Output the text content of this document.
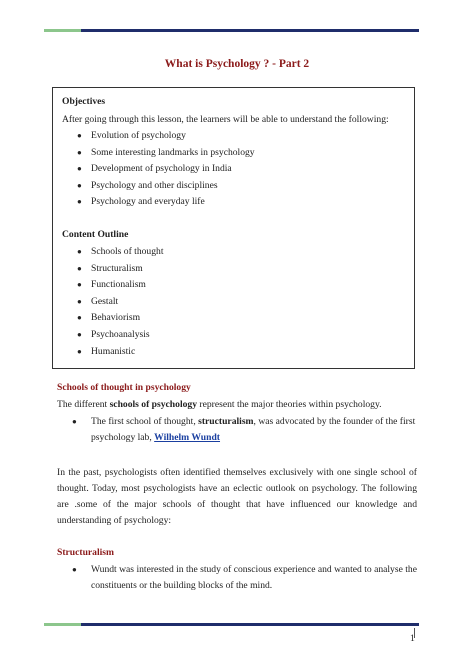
What is Psychology ? - Part 2
Objectives
After going through this lesson, the learners will be able to understand the following:
● Evolution of psychology
● Some interesting landmarks in psychology
● Development of psychology in India
● Psychology and other disciplines
● Psychology and everyday life
Content Outline
● Schools of thought
● Structuralism
● Functionalism
● Gestalt
● Behaviorism
● Psychoanalysis
● Humanistic
Schools of thought in psychology
The different schools of psychology represent the major theories within psychology.
● The first school of thought, structuralism, was advocated by the founder of the first
psychology lab, Wilhelm Wundt
In the past, psychologists often identified themselves exclusively with one single school of
thought. Today, most psychologists have an eclectic outlook on psychology. The following
are .some of the major schools of thought that have influenced our knowledge and
understanding of psychology:
Structuralism
● Wundt was interested in the study of conscious experience and wanted to analyse the
constituents or the building blocks of the mind.
1
